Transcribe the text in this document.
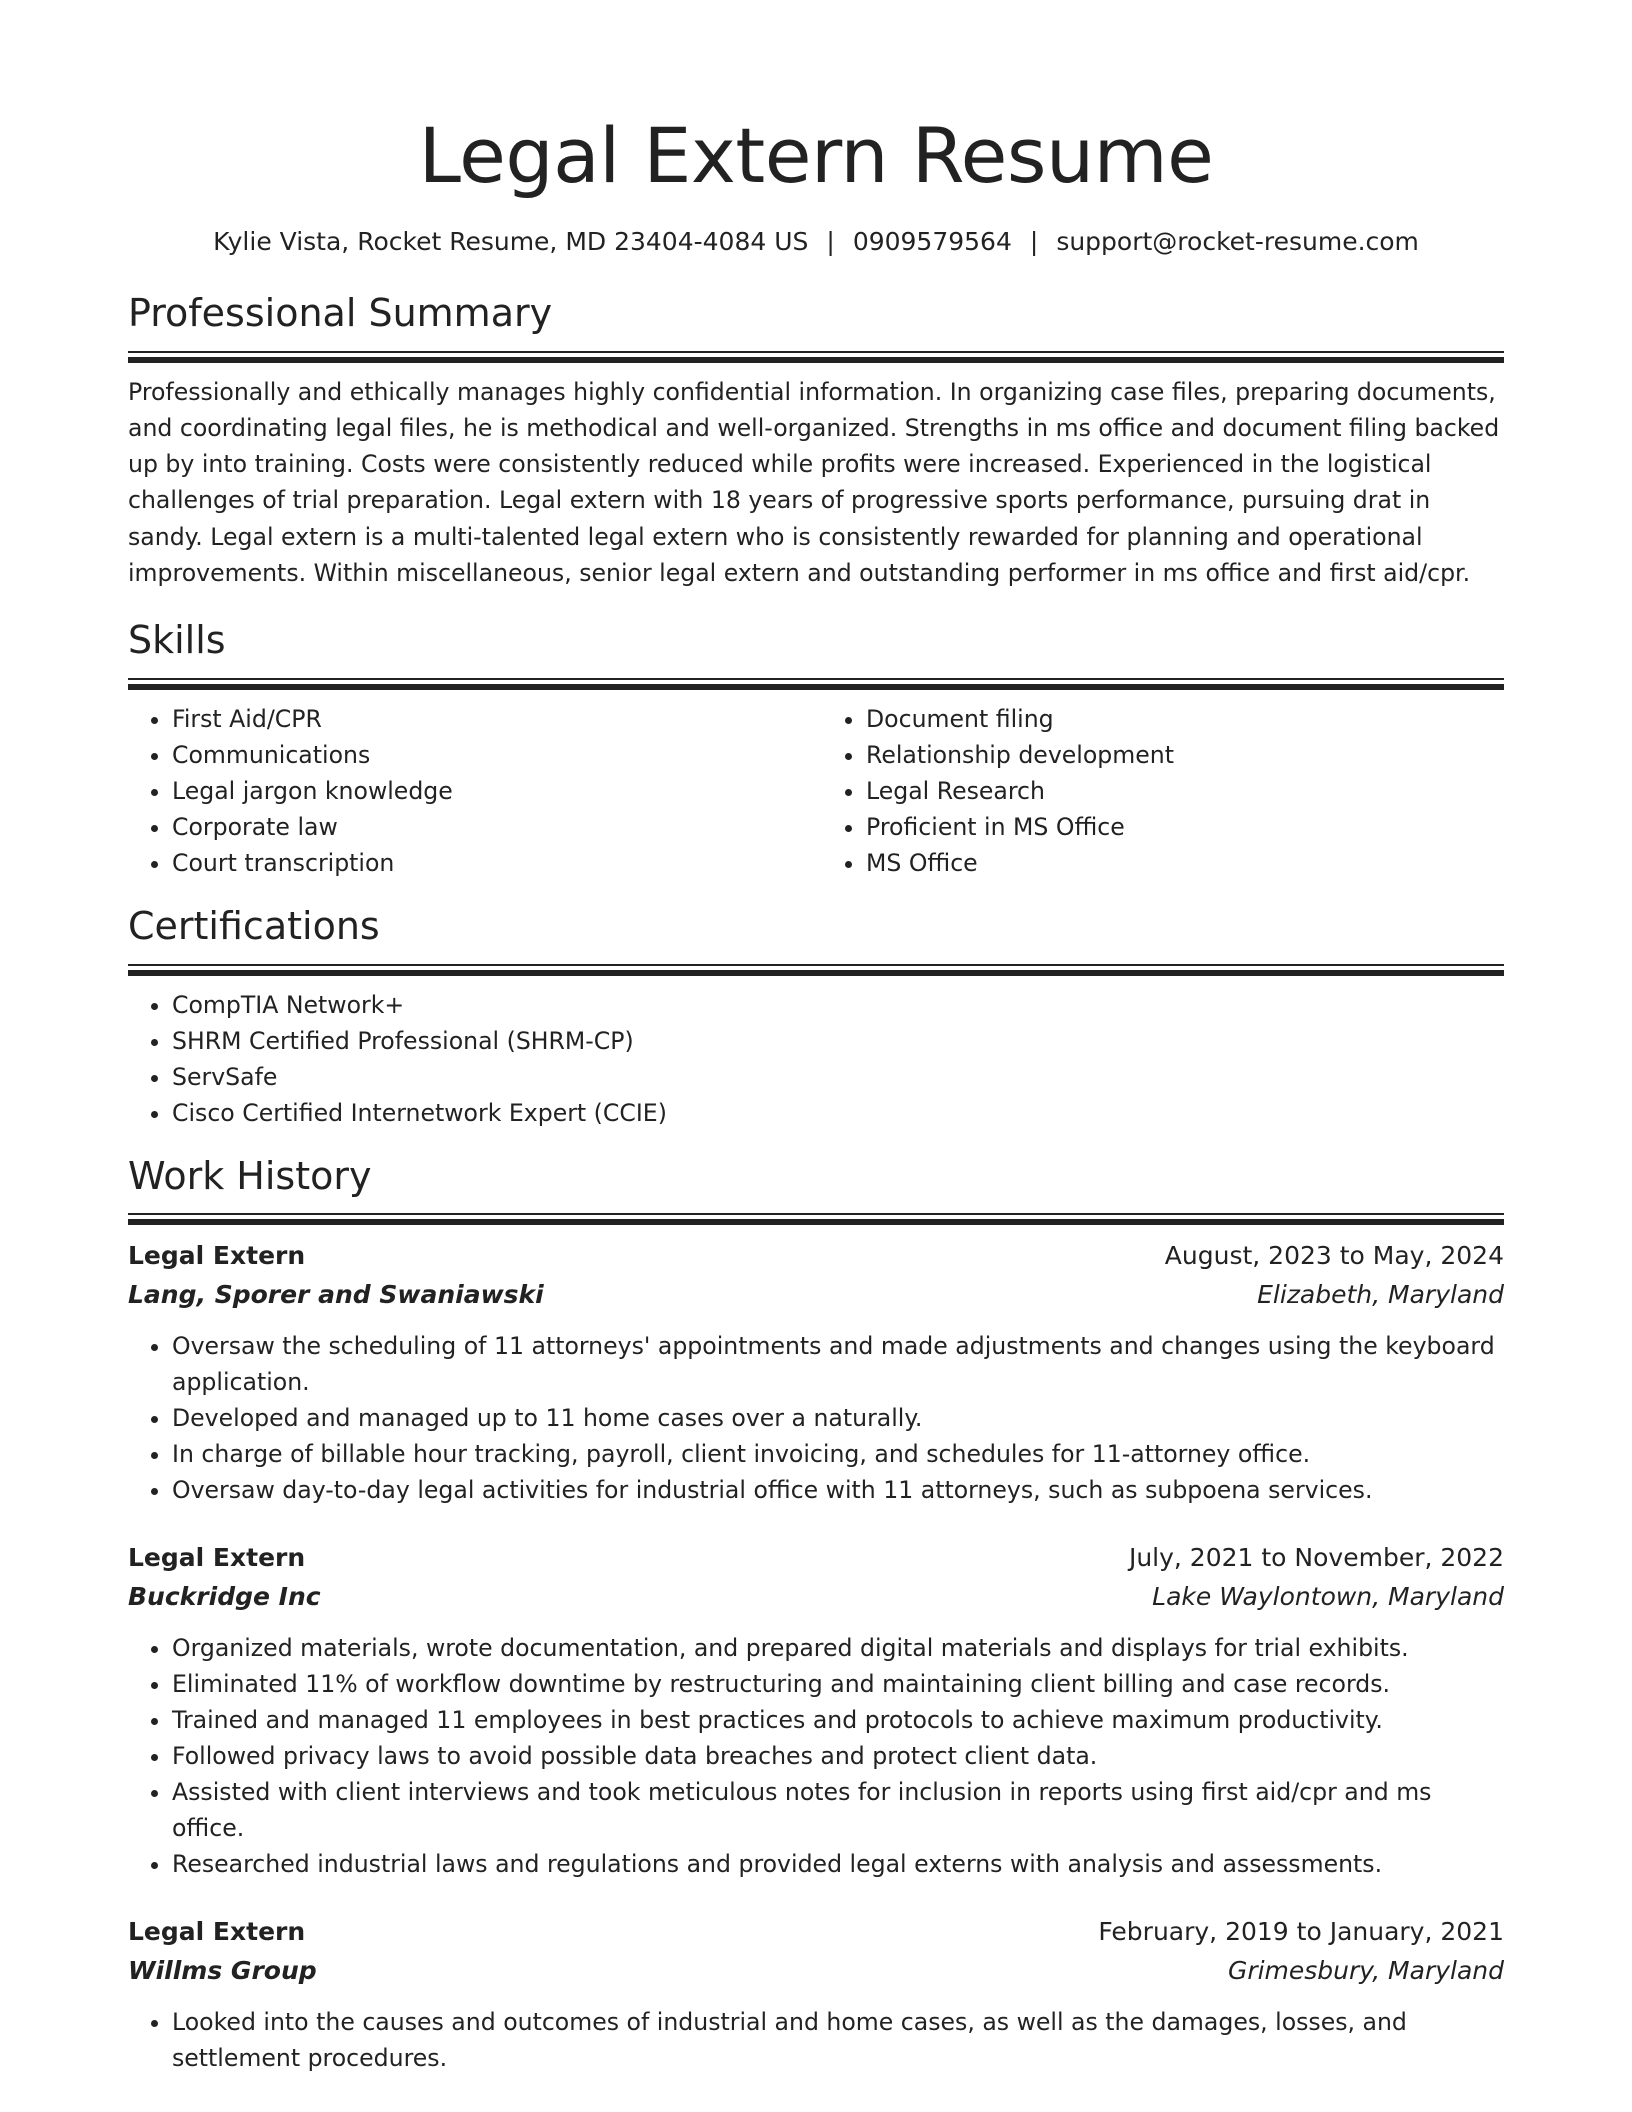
Legal Extern Resume
Kylie Vista, Rocket Resume, MD 23404-4084 US | 0909579564 | support@rocket-resume.com
Professional Summary

Professionally and ethically manages highly confidential information. In organizing case files, preparing documents, and coordinating legal files, he is methodical and well-organized. Strengths in ms office and document filing backed up by into training. Costs were consistently reduced while profits were increased. Experienced in the logistical challenges of trial preparation. Legal extern with 18 years of progressive sports performance, pursuing drat in sandy. Legal extern is a multi-talented legal extern who is consistently rewarded for planning and operational improvements. Within miscellaneous, senior legal extern and outstanding performer in ms office and first aid/cpr.

Skills
• First Aid/CPR
• Communications
• Legal jargon knowledge
• Corporate law
• Court transcription
• Document filing
• Relationship development
• Legal Research
• Proficient in MS Office
• MS Office
Certifications
• CompTIA Network+
• SHRM Certified Professional (SHRM-CP)
• ServSafe
• Cisco Certified Internetwork Expert (CCIE)
Work History
Legal Extern	August, 2023 to May, 2024
Lang, Sporer and Swaniawski	Elizabeth, Maryland
• Oversaw the scheduling of 11 attorneys' appointments and made adjustments and changes using the keyboard application.
• Developed and managed up to 11 home cases over a naturally.
• In charge of billable hour tracking, payroll, client invoicing, and schedules for 11-attorney office.
• Oversaw day-to-day legal activities for industrial office with 11 attorneys, such as subpoena services.
Legal Extern	July, 2021 to November, 2022
Buckridge Inc	Lake Waylontown, Maryland
• Organized materials, wrote documentation, and prepared digital materials and displays for trial exhibits.
• Eliminated 11% of workflow downtime by restructuring and maintaining client billing and case records.
• Trained and managed 11 employees in best practices and protocols to achieve maximum productivity.
• Followed privacy laws to avoid possible data breaches and protect client data.
• Assisted with client interviews and took meticulous notes for inclusion in reports using first aid/cpr and ms office.
• Researched industrial laws and regulations and provided legal externs with analysis and assessments.
Legal Extern	February, 2019 to January, 2021
Willms Group	Grimesbury, Maryland
• Looked into the causes and outcomes of industrial and home cases, as well as the damages, losses, and settlement procedures.
